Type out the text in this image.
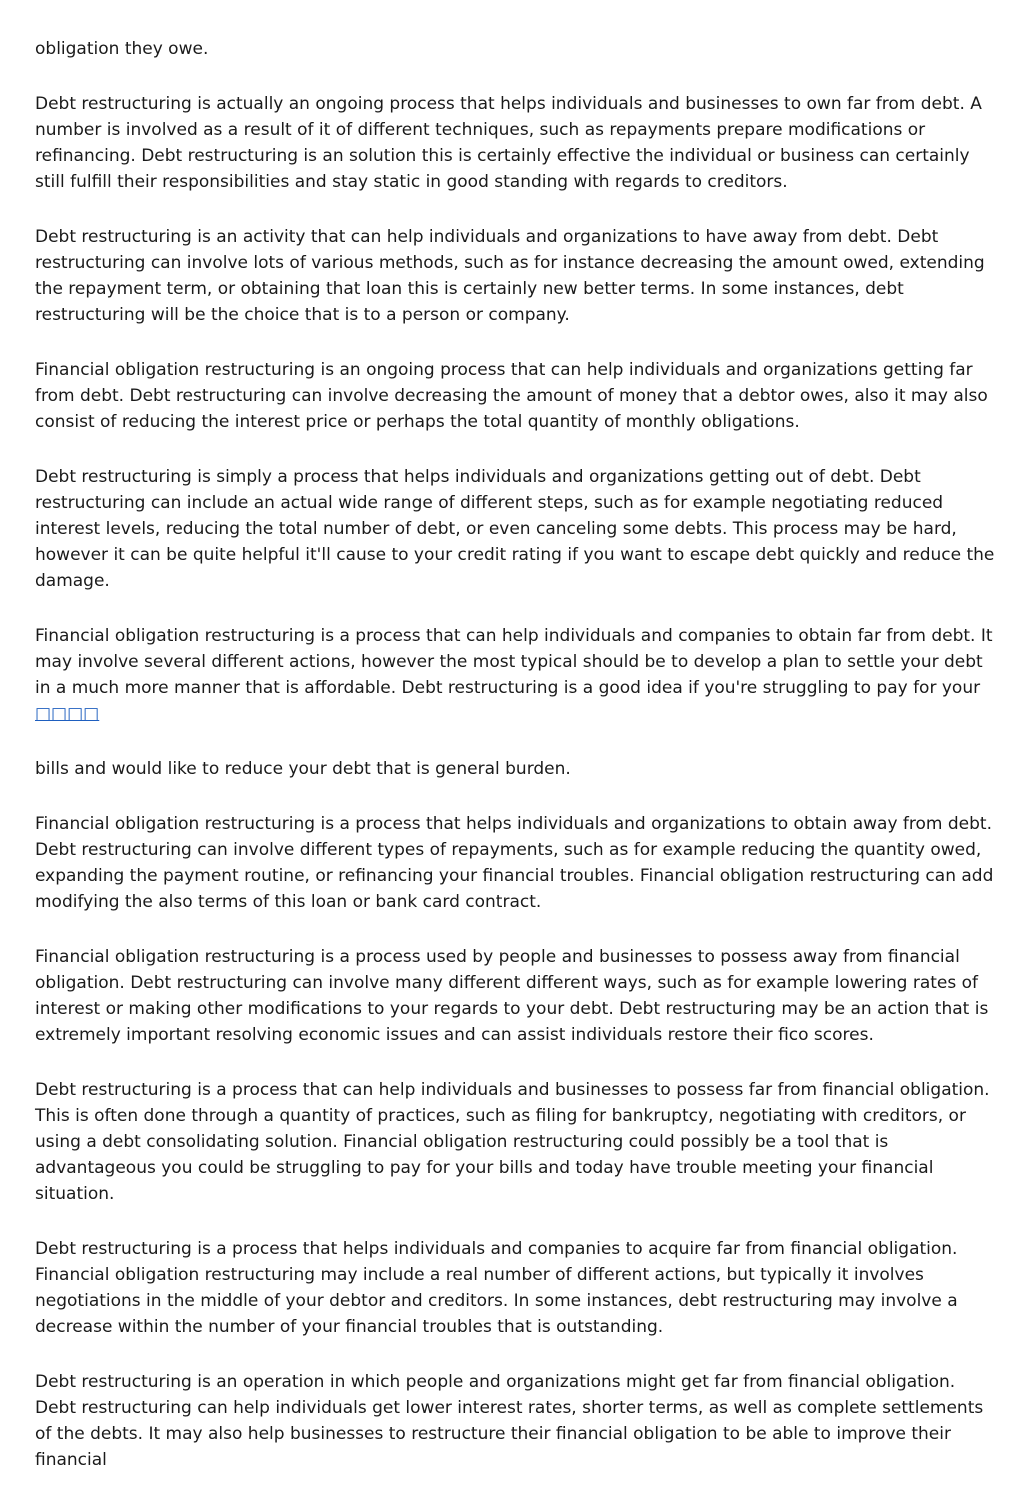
obligation they owe.

Debt restructuring is actually an ongoing process that helps individuals and businesses to own far from debt. A number is involved as a result of it of different techniques, such as repayments prepare modifications or refinancing. Debt restructuring is an solution this is certainly effective the individual or business can certainly still fulfill their responsibilities and stay static in good standing with regards to creditors.

Debt restructuring is an activity that can help individuals and organizations to have away from debt. Debt restructuring can involve lots of various methods, such as for instance decreasing the amount owed, extending the repayment term, or obtaining that loan this is certainly new better terms. In some instances, debt restructuring will be the choice that is to a person or company.

Financial obligation restructuring is an ongoing process that can help individuals and organizations getting far from debt. Debt restructuring can involve decreasing the amount of money that a debtor owes, also it may also consist of reducing the interest price or perhaps the total quantity of monthly obligations.

Debt restructuring is simply a process that helps individuals and organizations getting out of debt. Debt restructuring can include an actual wide range of different steps, such as for example negotiating reduced interest levels, reducing the total number of debt, or even canceling some debts. This process may be hard, however it can be quite helpful it'll cause to your credit rating if you want to escape debt quickly and reduce the damage.

Financial obligation restructuring is a process that can help individuals and companies to obtain far from debt. It may involve several different actions, however the most typical should be to develop a plan to settle your debt in a much more manner that is affordable. Debt restructuring is a good idea if you're struggling to pay for your

□□□□

bills and would like to reduce your debt that is general burden.

Financial obligation restructuring is a process that helps individuals and organizations to obtain away from debt. Debt restructuring can involve different types of repayments, such as for example reducing the quantity owed, expanding the payment routine, or refinancing your financial troubles. Financial obligation restructuring can add modifying the also terms of this loan or bank card contract.

Financial obligation restructuring is a process used by people and businesses to possess away from financial obligation. Debt restructuring can involve many different different ways, such as for example lowering rates of interest or making other modifications to your regards to your debt. Debt restructuring may be an action that is extremely important resolving economic issues and can assist individuals restore their fico scores.

Debt restructuring is a process that can help individuals and businesses to possess far from financial obligation. This is often done through a quantity of practices, such as filing for bankruptcy, negotiating with creditors, or using a debt consolidating solution. Financial obligation restructuring could possibly be a tool that is advantageous you could be struggling to pay for your bills and today have trouble meeting your financial situation.

Debt restructuring is a process that helps individuals and companies to acquire far from financial obligation. Financial obligation restructuring may include a real number of different actions, but typically it involves negotiations in the middle of your debtor and creditors. In some instances, debt restructuring may involve a decrease within the number of your financial troubles that is outstanding.

Debt restructuring is an operation in which people and organizations might get far from financial obligation. Debt restructuring can help individuals get lower interest rates, shorter terms, as well as complete settlements of the debts. It may also help businesses to restructure their financial obligation to be able to improve their financial
